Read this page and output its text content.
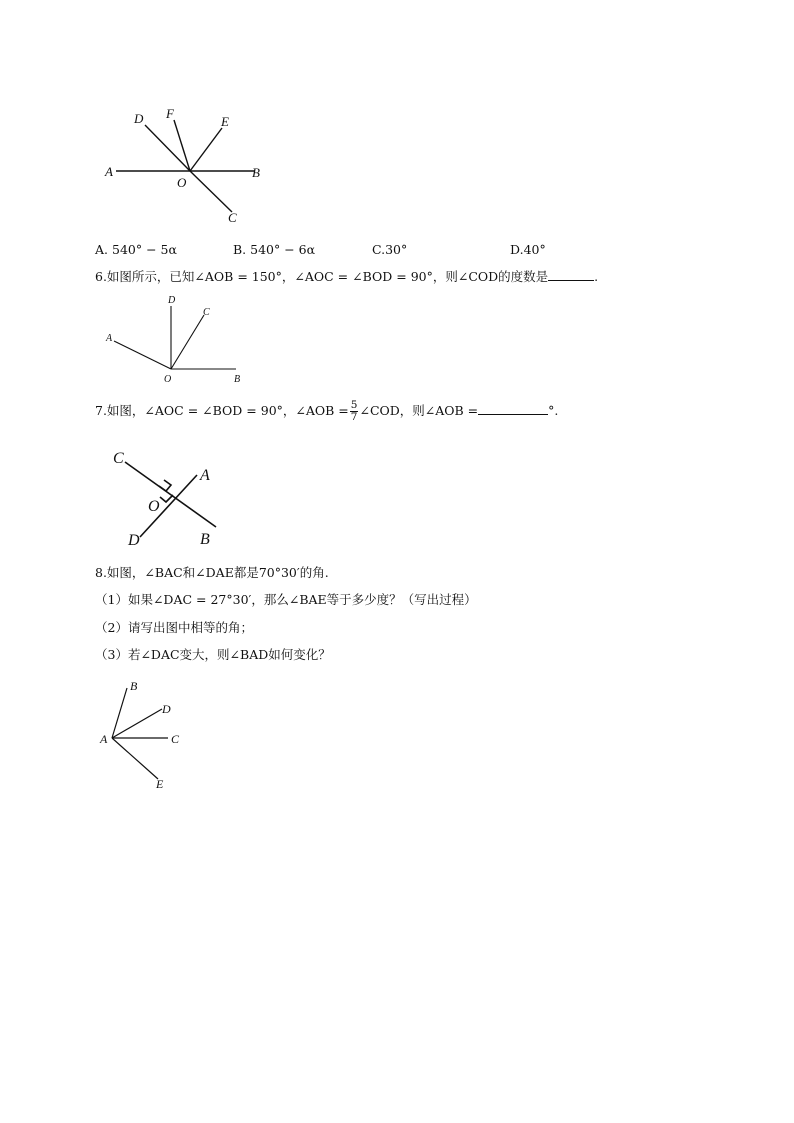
D F
E
A
O
B
C
A. 540° − 5α	B. 540° − 6α	C.30°	D.40°
6.如图所示，已知∠AOB = 150°，∠AOC = ∠BOD = 90°，则∠COD的度数是	.
D
C
A
O	B
7.如图，∠AOC = ∠BOD = 90°，∠AOB = $\frac{5}{7}$ ∠COD，则∠AOB =	°.
C
A
O
D	B
8.如图，∠BAC和∠DAE都是70°30′的角.
（1）如果∠DAC = 27°30′，那么∠BAE等于多少度？（写出过程）
（2）请写出图中相等的角；
（3）若∠DAC变大，则∠BAD如何变化？
B
D
A	C
E
